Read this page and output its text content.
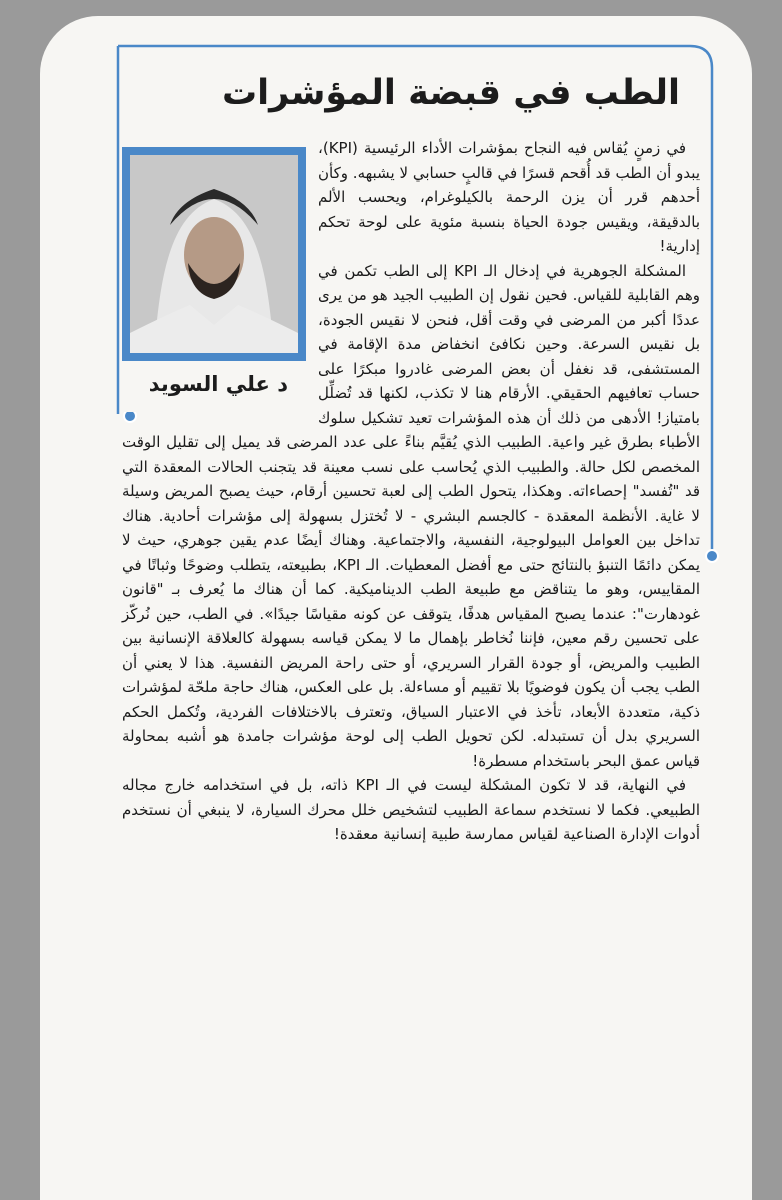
الطب في قبضة المؤشرات
د علي السويد

في زمنٍ يُقاس فيه النجاح بمؤشرات الأداء الرئيسية (KPI)، يبدو أن الطب قد أُقحم قسرًا في قالبٍ حسابي لا يشبهه. وكأن أحدهم قرر أن يزن الرحمة بالكيلوغرام، ويحسب الألم بالدقيقة، ويقيس جودة الحياة بنسبة مئوية على لوحة تحكم إدارية!

المشكلة الجوهرية في إدخال الـ KPI إلى الطب تكمن في وهم القابلية للقياس. فحين نقول إن الطبيب الجيد هو من يرى عددًا أكبر من المرضى في وقت أقل، فنحن لا نقيس الجودة، بل نقيس السرعة. وحين نكافئ انخفاض مدة الإقامة في المستشفى، قد نغفل أن بعض المرضى غادروا مبكرًا على حساب تعافيهم الحقيقي. الأرقام هنا لا تكذب، لكنها قد تُضلِّل بامتياز! الأدهى من ذلك أن هذه المؤشرات تعيد تشكيل سلوك الأطباء بطرق غير واعية. الطبيب الذي يُقيَّم بناءً على عدد المرضى قد يميل إلى تقليل الوقت المخصص لكل حالة. والطبيب الذي يُحاسب على نسب معينة قد يتجنب الحالات المعقدة التي قد "تُفسد" إحصاءاته. وهكذا، يتحول الطب إلى لعبة تحسين أرقام، حيث يصبح المريض وسيلة لا غاية. الأنظمة المعقدة - كالجسم البشري - لا تُختزل بسهولة إلى مؤشرات أحادية. هناك تداخل بين العوامل البيولوجية، النفسية، والاجتماعية. وهناك أيضًا عدم يقين جوهري، حيث لا يمكن دائمًا التنبؤ بالنتائج حتى مع أفضل المعطيات. الـ KPI، بطبيعته، يتطلب وضوحًا وثباتًا في المقاييس، وهو ما يتناقض مع طبيعة الطب الديناميكية. كما أن هناك ما يُعرف بـ "قانون غودهارت": عندما يصبح المقياس هدفًا، يتوقف عن كونه مقياسًا جيدًا». في الطب، حين نُركّز على تحسين رقم معين، فإننا نُخاطر بإهمال ما لا يمكن قياسه بسهولة كالعلاقة الإنسانية بين الطبيب والمريض، أو جودة القرار السريري، أو حتى راحة المريض النفسية. هذا لا يعني أن الطب يجب أن يكون فوضويًا بلا تقييم أو مساءلة. بل على العكس، هناك حاجة ملحّة لمؤشرات ذكية، متعددة الأبعاد، تأخذ في الاعتبار السياق، وتعترف بالاختلافات الفردية، وتُكمل الحكم السريري بدل أن تستبدله. لكن تحويل الطب إلى لوحة مؤشرات جامدة هو أشبه بمحاولة قياس عمق البحر باستخدام مسطرة!

في النهاية، قد لا تكون المشكلة ليست في الـ KPI ذاته، بل في استخدامه خارج مجاله الطبيعي. فكما لا نستخدم سماعة الطبيب لتشخيص خلل محرك السيارة، لا ينبغي أن نستخدم أدوات الإدارة الصناعية لقياس ممارسة طبية إنسانية معقدة!
